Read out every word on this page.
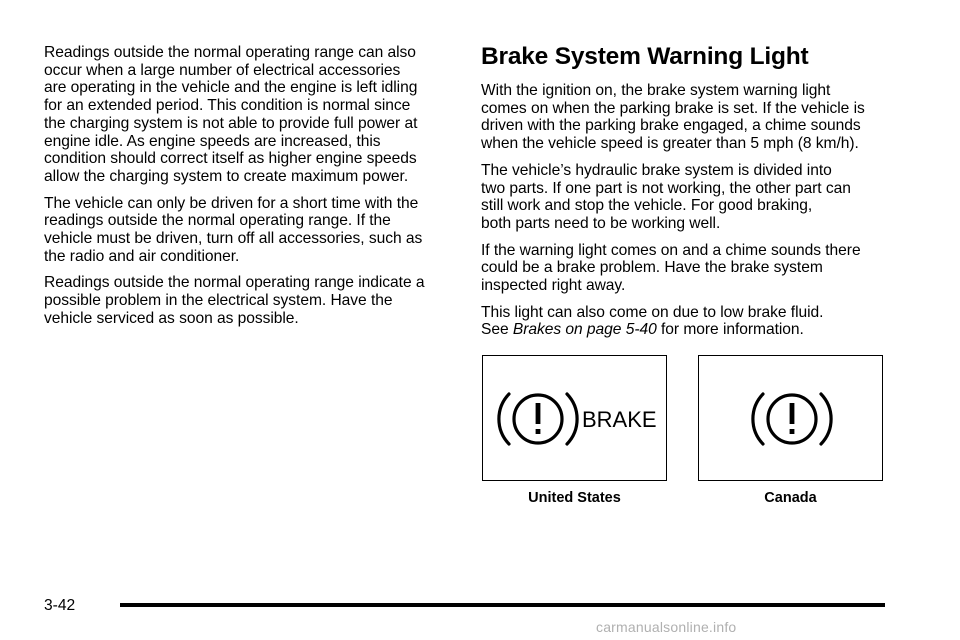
Readings outside the normal operating range can also
occur when a large number of electrical accessories
are operating in the vehicle and the engine is left idling
for an extended period. This condition is normal since
the charging system is not able to provide full power at
engine idle. As engine speeds are increased, this
condition should correct itself as higher engine speeds
allow the charging system to create maximum power.

The vehicle can only be driven for a short time with the
readings outside the normal operating range. If the
vehicle must be driven, turn off all accessories, such as
the radio and air conditioner.

Readings outside the normal operating range indicate a
possible problem in the electrical system. Have the
vehicle serviced as soon as possible.

Brake System Warning Light

With the ignition on, the brake system warning light
comes on when the parking brake is set. If the vehicle is
driven with the parking brake engaged, a chime sounds
when the vehicle speed is greater than 5 mph (8 km/h).

The vehicle’s hydraulic brake system is divided into
two parts. If one part is not working, the other part can
still work and stop the vehicle. For good braking,
both parts need to be working well.

If the warning light comes on and a chime sounds there
could be a brake problem. Have the brake system
inspected right away.

This light can also come on due to low brake fluid.
See Brakes on page 5-40 for more information.

BRAKE
United States	Canada
3-42
carmanualsonline.info
